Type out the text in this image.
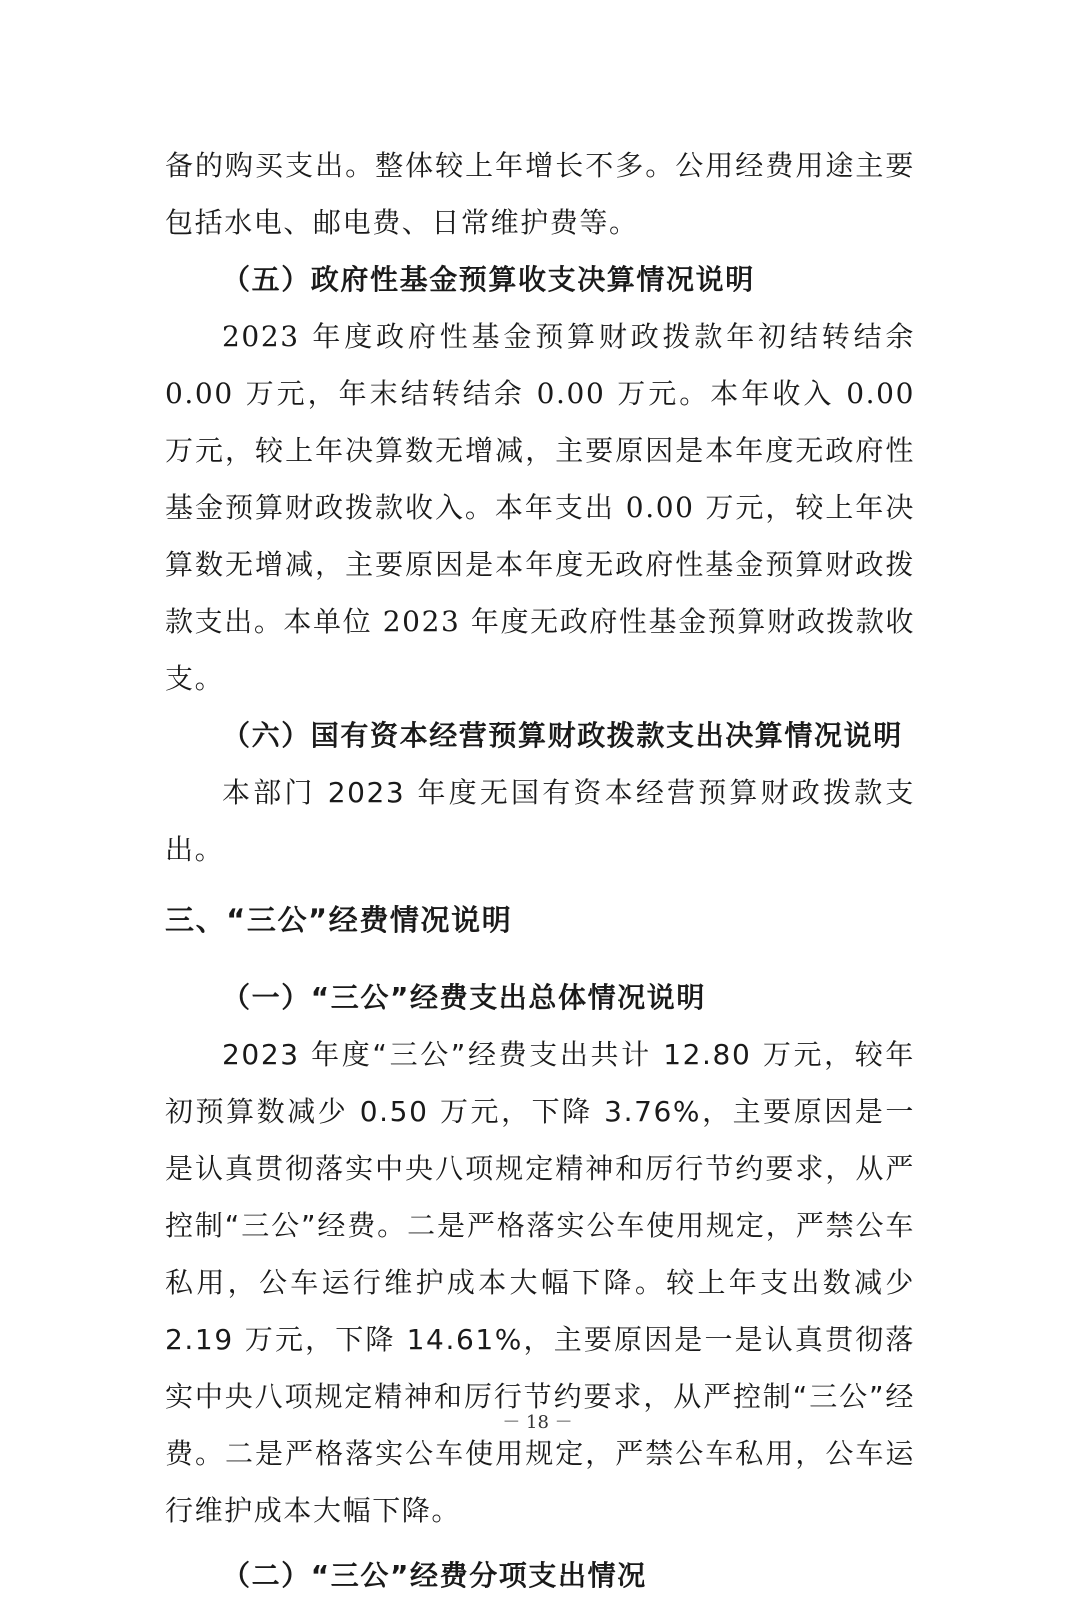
备的购买支出。整体较上年增长不多。公用经费用途主要包括水电、邮电费、日常维护费等。

（五）政府性基金预算收支决算情况说明

2023 年度政府性基金预算财政拨款年初结转结余 0.00 万元，年末结转结余 0.00 万元。本年收入 0.00 万元，较上年决算数无增减，主要原因是本年度无政府性基金预算财政拨款收入。本年支出 0.00 万元，较上年决算数无增减，主要原因是本年度无政府性基金预算财政拨款支出。本单位 2023 年度无政府性基金预算财政拨款收支。

（六）国有资本经营预算财政拨款支出决算情况说明

本部门 2023 年度无国有资本经营预算财政拨款支出。

三、“三公”经费情况说明

（一）“三公”经费支出总体情况说明

2023 年度“三公”经费支出共计 12.80 万元，较年初预算数减少 0.50 万元，下降 3.76%，主要原因是一是认真贯彻落实中央八项规定精神和厉行节约要求，从严控制“三公”经费。二是严格落实公车使用规定，严禁公车私用，公车运行维护成本大幅下降。较上年支出数减少 2.19 万元，下降 14.61%，主要原因是一是认真贯彻落实中央八项规定精神和厉行节约要求，从严控制“三公”经费。二是严格落实公车使用规定，严禁公车私用，公车运行维护成本大幅下降。

（二）“三公”经费分项支出情况

－ 18 －
